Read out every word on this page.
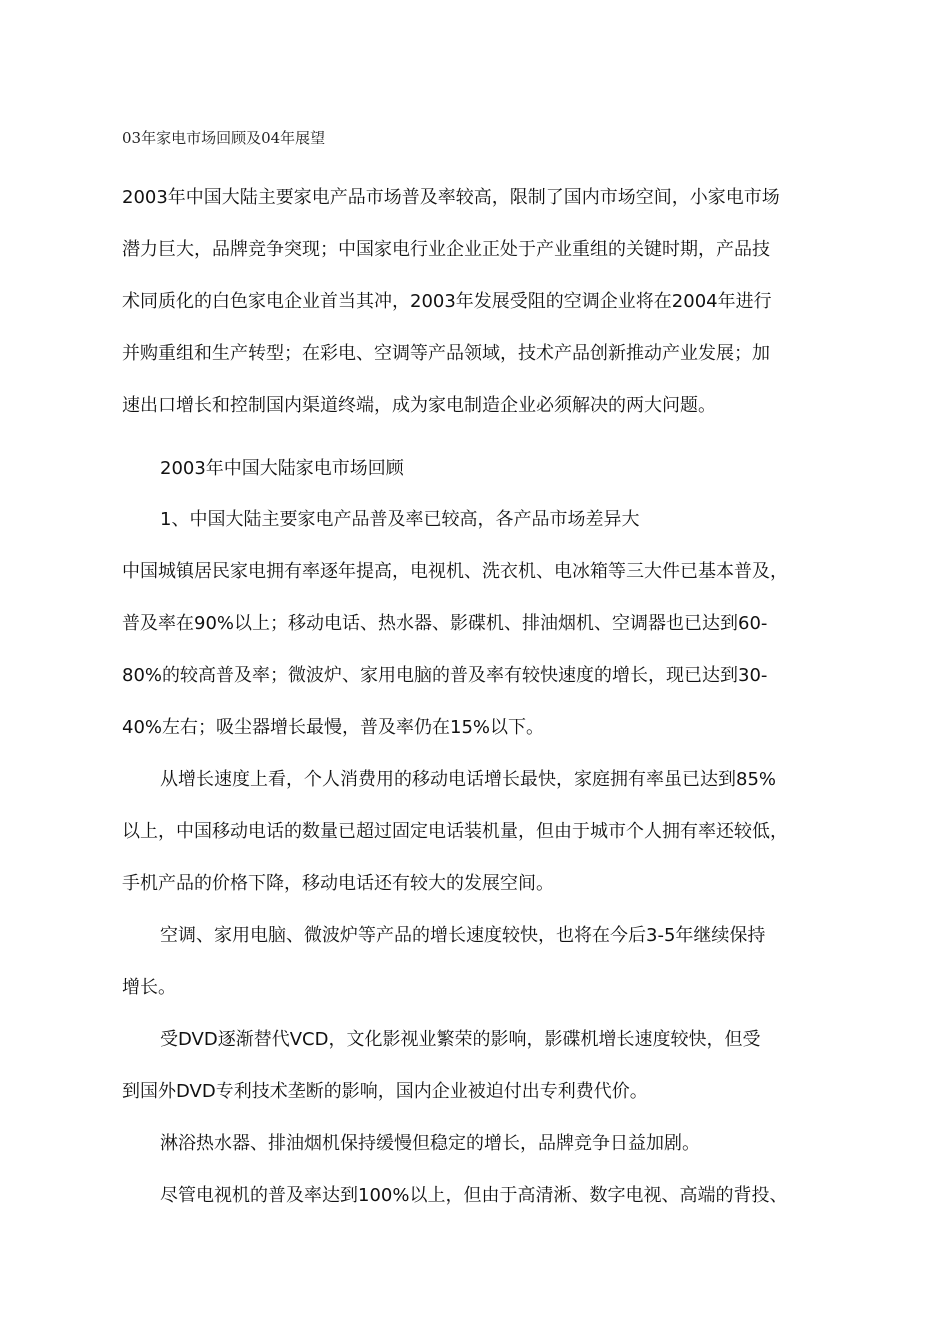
03年家电市场回顾及04年展望
2003年中国大陆主要家电产品市场普及率较高，限制了国内市场空间，小家电市场
潜力巨大，品牌竞争突现；中国家电行业企业正处于产业重组的关键时期，产品技
术同质化的白色家电企业首当其冲，2003年发展受阻的空调企业将在2004年进行
并购重组和生产转型；在彩电、空调等产品领域，技术产品创新推动产业发展；加
速出口增长和控制国内渠道终端，成为家电制造企业必须解决的两大问题。
2003年中国大陆家电市场回顾
1、中国大陆主要家电产品普及率已较高，各产品市场差异大
中国城镇居民家电拥有率逐年提高，电视机、洗衣机、电冰箱等三大件已基本普及，
普及率在90%以上；移动电话、热水器、影碟机、排油烟机、空调器也已达到60-
80%的较高普及率；微波炉、家用电脑的普及率有较快速度的增长，现已达到30-
40%左右；吸尘器增长最慢，普及率仍在15%以下。
从增长速度上看，个人消费用的移动电话增长最快，家庭拥有率虽已达到85%
以上，中国移动电话的数量已超过固定电话装机量，但由于城市个人拥有率还较低，
手机产品的价格下降，移动电话还有较大的发展空间。
空调、家用电脑、微波炉等产品的增长速度较快，也将在今后3-5年继续保持
增长。
受DVD逐渐替代VCD，文化影视业繁荣的影响，影碟机增长速度较快，但受
到国外DVD专利技术垄断的影响，国内企业被迫付出专利费代价。
淋浴热水器、排油烟机保持缓慢但稳定的增长，品牌竞争日益加剧。
尽管电视机的普及率达到100%以上，但由于高清淅、数字电视、高端的背投、
